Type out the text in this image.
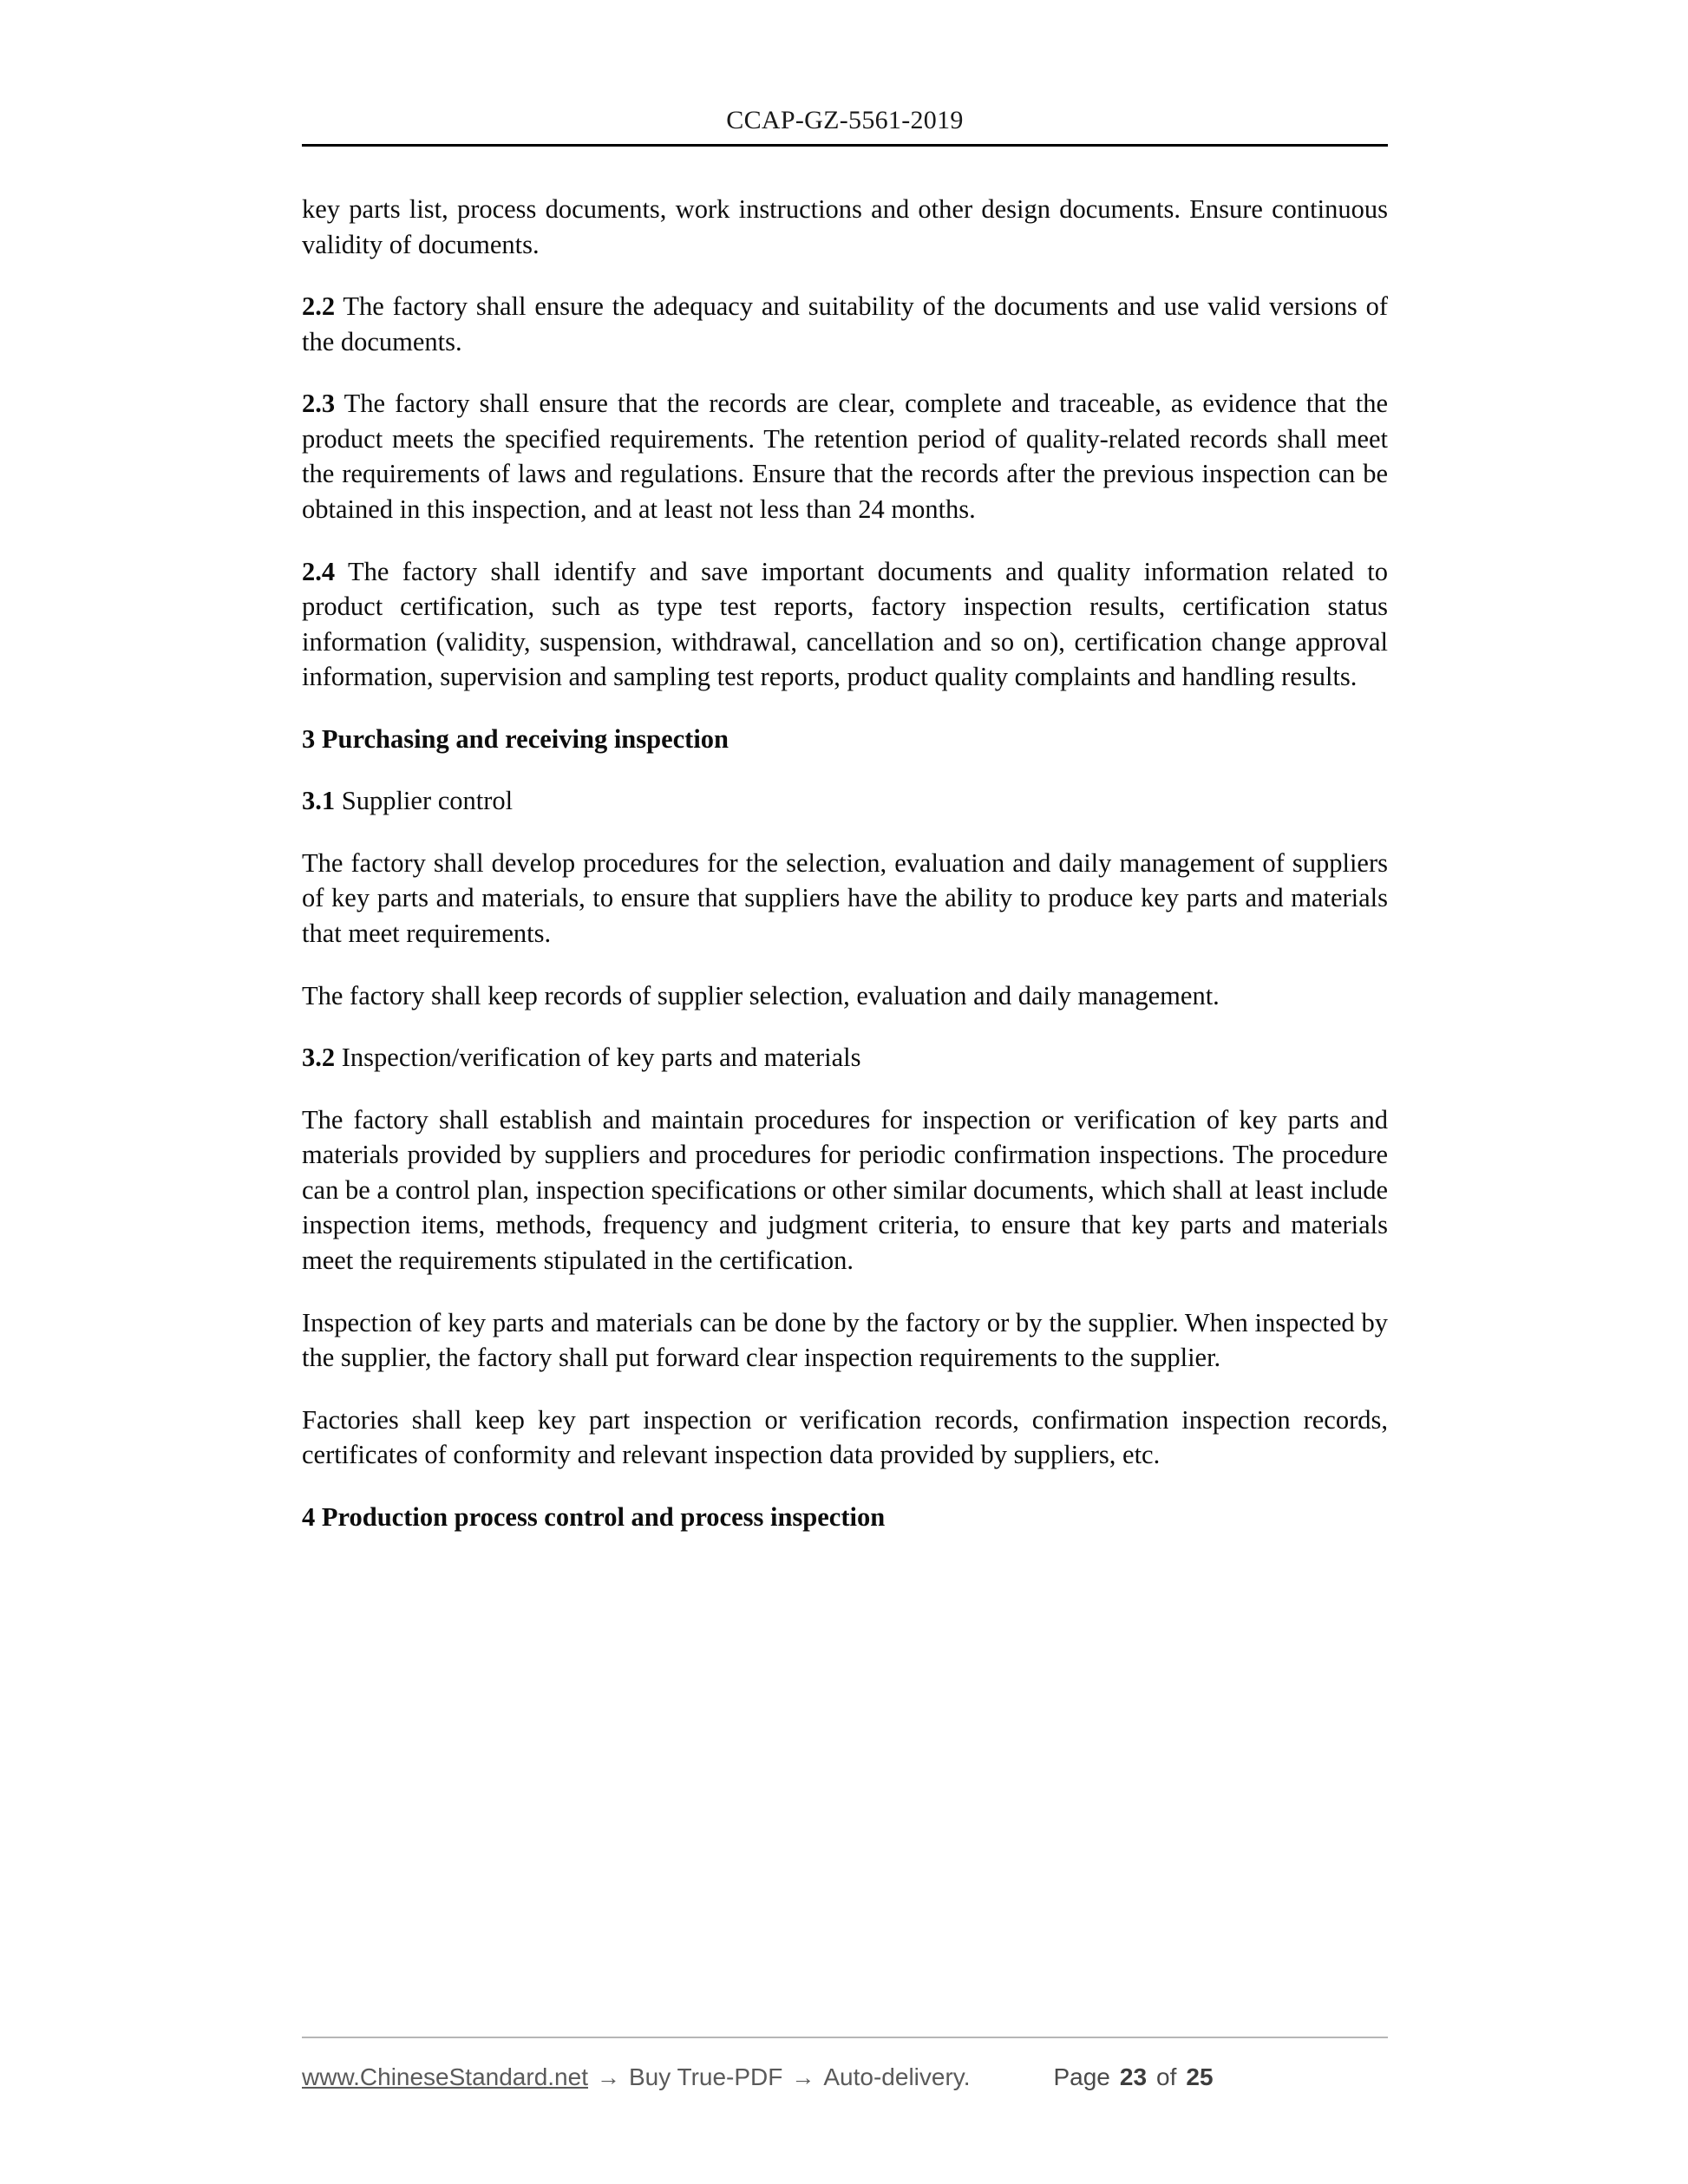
CCAP-GZ-5561-2019

key parts list, process documents, work instructions and other design documents. Ensure continuous validity of documents.

2.2 The factory shall ensure the adequacy and suitability of the documents and use valid versions of the documents.

2.3 The factory shall ensure that the records are clear, complete and traceable, as evidence that the product meets the specified requirements. The retention period of quality-related records shall meet the requirements of laws and regulations. Ensure that the records after the previous inspection can be obtained in this inspection, and at least not less than 24 months.

2.4 The factory shall identify and save important documents and quality information related to product certification, such as type test reports, factory inspection results, certification status information (validity, suspension, withdrawal, cancellation and so on), certification change approval information, supervision and sampling test reports, product quality complaints and handling results.

3 Purchasing and receiving inspection

3.1 Supplier control

The factory shall develop procedures for the selection, evaluation and daily management of suppliers of key parts and materials, to ensure that suppliers have the ability to produce key parts and materials that meet requirements.

The factory shall keep records of supplier selection, evaluation and daily management.

3.2 Inspection/verification of key parts and materials

The factory shall establish and maintain procedures for inspection or verification of key parts and materials provided by suppliers and procedures for periodic confirmation inspections. The procedure can be a control plan, inspection specifications or other similar documents, which shall at least include inspection items, methods, frequency and judgment criteria, to ensure that key parts and materials meet the requirements stipulated in the certification.

Inspection of key parts and materials can be done by the factory or by the supplier. When inspected by the supplier, the factory shall put forward clear inspection requirements to the supplier.

Factories shall keep key part inspection or verification records, confirmation inspection records, certificates of conformity and relevant inspection data provided by suppliers, etc.

4 Production process control and process inspection
www.ChineseStandard.net → Buy True-PDF → Auto-delivery.	Page 23 of 25
